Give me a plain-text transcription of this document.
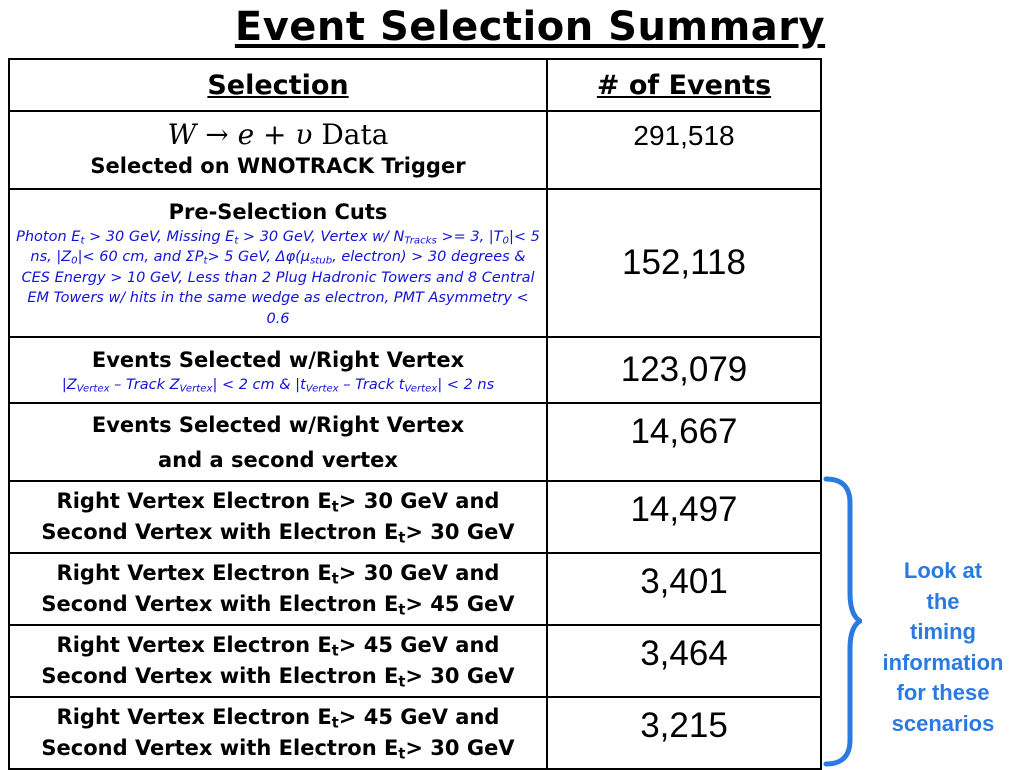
Event Selection Summary
Selection	# of Events

W → e + υ Data
Selected on WNOTRACK Trigger	291,518

Pre-Selection Cuts
Photon $E_t > 30$ GeV, Missing $E_t > 30$ GeV, Vertex w/ $N_{Tracks} >= 3$, $|T_0|< 5$ ns, $|Z_0|< 60$ cm, and $\Sigma P_t> 5$ GeV, $\Delta\varphi(\mu_{stub}$, electron) > 30 degrees & CES Energy > 10 GeV, Less than 2 Plug Hadronic Towers and 8 Central EM Towers w/ hits in the same wedge as electron, PMT Asymmetry < 0.6	152,118

Events Selected w/Right Vertex
$|Z_{Vertex}$ – Track $Z_{Vertex}| < 2$ cm & $|t_{Vertex}$ – Track $t_{Vertex}| < 2$ ns	123,079

Events Selected w/Right Vertex
and a second vertex	14,667
Right Vertex Electron $E_t> 30$ GeV and
Second Vertex with Electron $E_t> 30$ GeV	14,497
Right Vertex Electron $E_t> 30$ GeV and
Second Vertex with Electron $E_t> 45$ GeV	3,401
Right Vertex Electron $E_t> 45$ GeV and
Second Vertex with Electron $E_t> 30$ GeV	3,464
Right Vertex Electron $E_t> 45$ GeV and
Second Vertex with Electron $E_t> 30$ GeV	3,215
Look at
the
timing
information
for these
scenarios
